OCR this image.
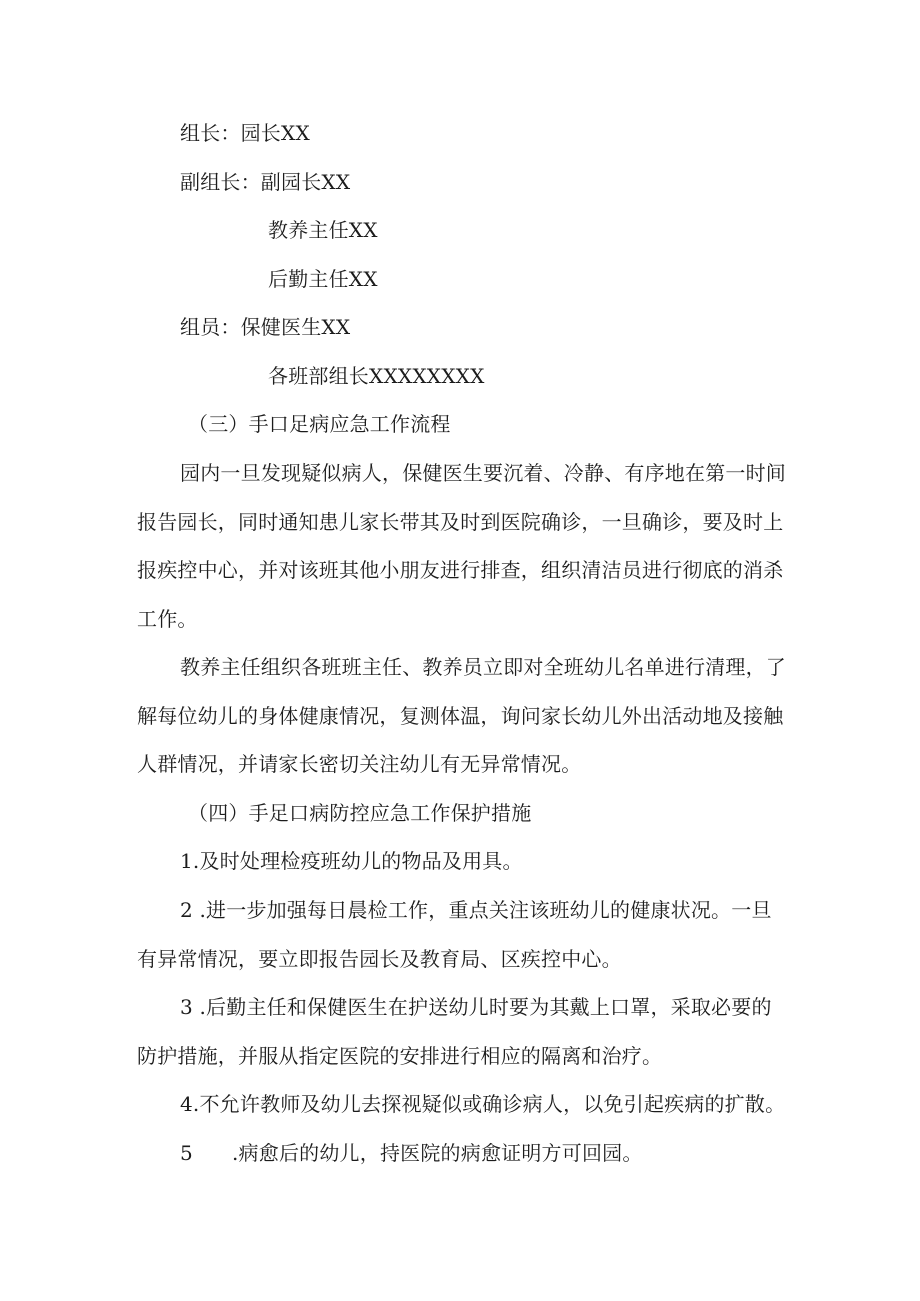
组长：园长XX
副组长：副园长XX
教养主任XX
后勤主任XX
组员：保健医生XX
各班部组长XXXXXXXX
（三）手口足病应急工作流程
园内一旦发现疑似病人，保健医生要沉着、冷静、有序地在第一时间
报告园长，同时通知患儿家长带其及时到医院确诊，一旦确诊，要及时上
报疾控中心，并对该班其他小朋友进行排查，组织清洁员进行彻底的消杀
工作。
教养主任组织各班班主任、教养员立即对全班幼儿名单进行清理，了
解每位幼儿的身体健康情况，复测体温，询问家长幼儿外出活动地及接触
人群情况，并请家长密切关注幼儿有无异常情况。
（四）手足口病防控应急工作保护措施
1.及时处理检疫班幼儿的物品及用具。
2 .进一步加强每日晨检工作，重点关注该班幼儿的健康状况。一旦
有异常情况，要立即报告园长及教育局、区疾控中心。
3 .后勤主任和保健医生在护送幼儿时要为其戴上口罩，采取必要的
防护措施，并服从指定医院的安排进行相应的隔离和治疗。
4.不允许教师及幼儿去探视疑似或确诊病人，以免引起疾病的扩散。
5 .病愈后的幼儿，持医院的病愈证明方可回园。
